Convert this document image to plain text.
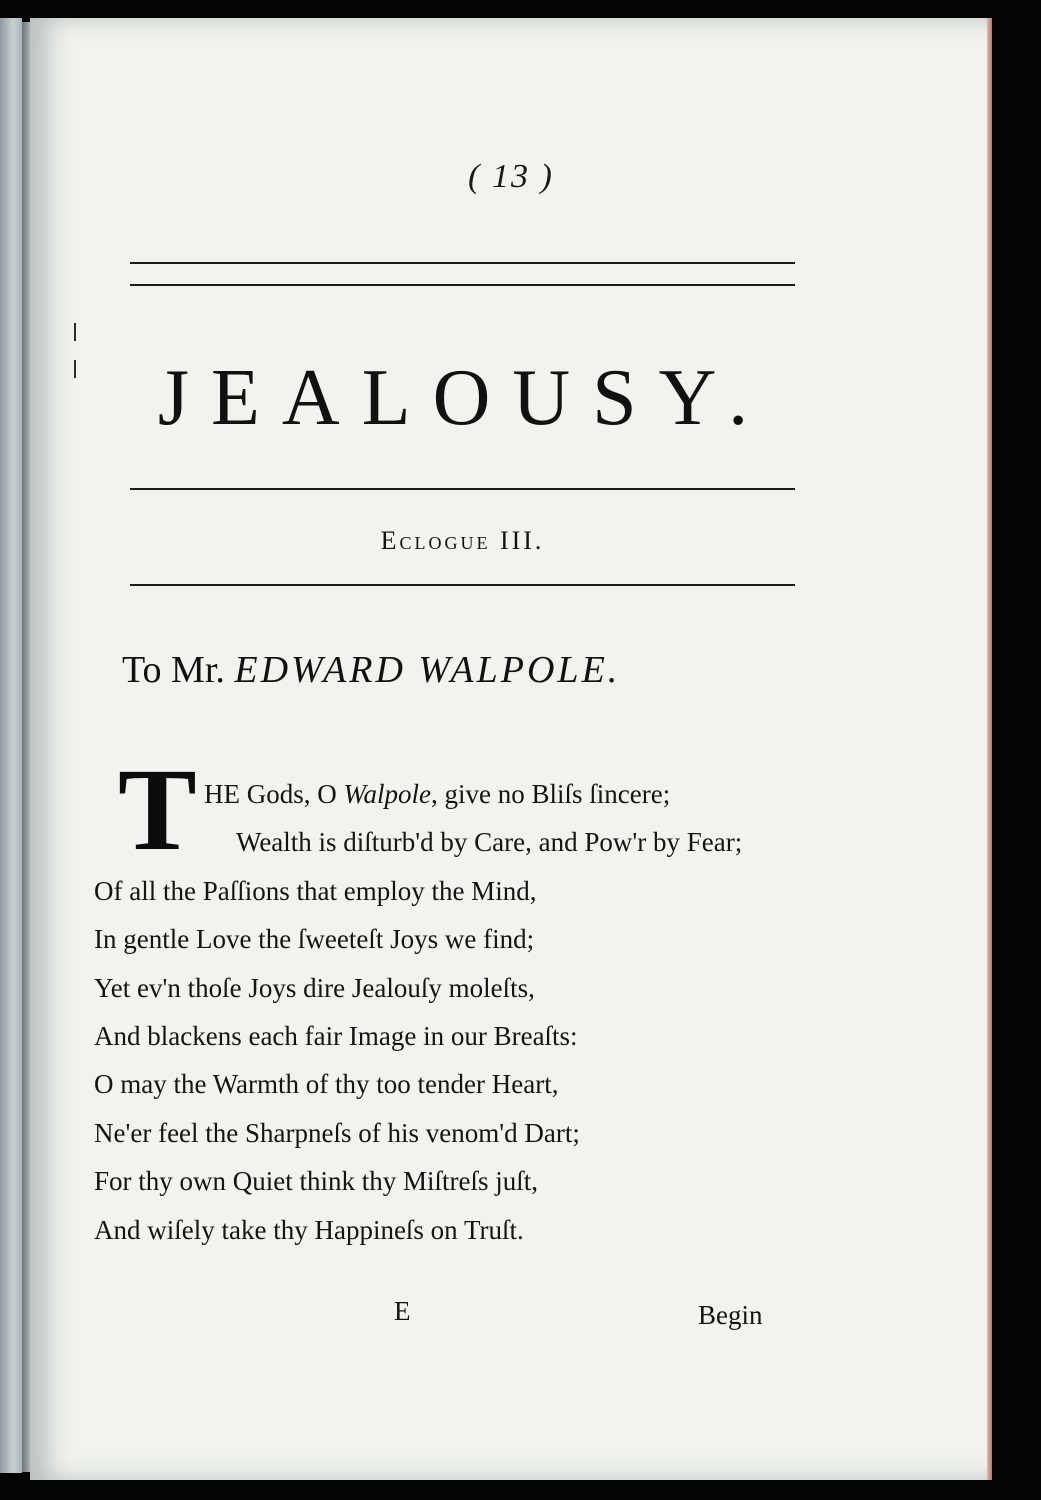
( 13 )
JEALOUSY.
Eclogue III.
To Mr. EDWARD WALPOLE.
T HE Gods, O Walpole, give no Bliſs ſincere;
Wealth is diſturb'd by Care, and Pow'r by Fear;
Of all the Paſſions that employ the Mind,
In gentle Love the ſweeteſt Joys we find;
Yet ev'n thoſe Joys dire Jealouſy moleſts,
And blackens each fair Image in our Breaſts:
O may the Warmth of thy too tender Heart,
Ne'er feel the Sharpneſs of his venom'd Dart;
For thy own Quiet think thy Miſtreſs juſt,
And wiſely take thy Happineſs on Truſt.
E	Begin
